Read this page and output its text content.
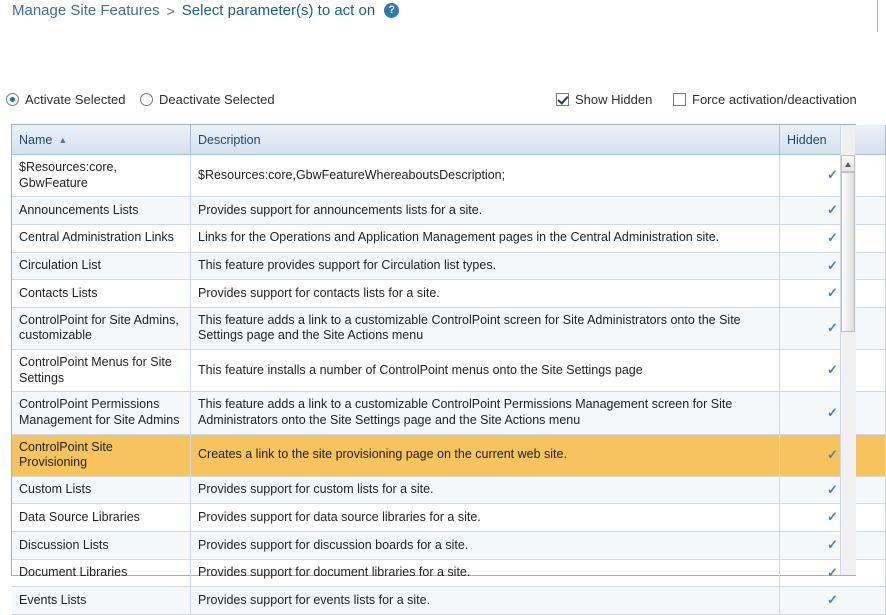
Manage Site Features > Select parameter(s) to act on	?
Activate Selected	Deactivate Selected	Show Hidden	Force activation/deactivation
Name ▲	Description	Hidden
$Resources:core, GbwFeature	$Resources:core,GbwFeatureWhereaboutsDescription;	✓
Announcements Lists	Provides support for announcements lists for a site.	✓
Central Administration Links	Links for the Operations and Application Management pages in the Central Administration site.	✓
Circulation List	This feature provides support for Circulation list types.	✓
Contacts Lists	Provides support for contacts lists for a site.	✓
ControlPoint for Site Admins, customizable	This feature adds a link to a customizable ControlPoint screen for Site Administrators onto the Site Settings page and the Site Actions menu	✓
ControlPoint Menus for Site Settings	This feature installs a number of ControlPoint menus onto the Site Settings page	✓
ControlPoint Permissions Management for Site Admins	This feature adds a link to a customizable ControlPoint Permissions Management screen for Site Administrators onto the Site Settings page and the Site Actions menu	✓
ControlPoint Site Provisioning	Creates a link to the site provisioning page on the current web site.	✓
Custom Lists	Provides support for custom lists for a site.	✓
Data Source Libraries	Provides support for data source libraries for a site.	✓
Discussion Lists	Provides support for discussion boards for a site.	✓
Document Libraries	Provides support for document libraries for a site.	✓
Events Lists	Provides support for events lists for a site.	✓
